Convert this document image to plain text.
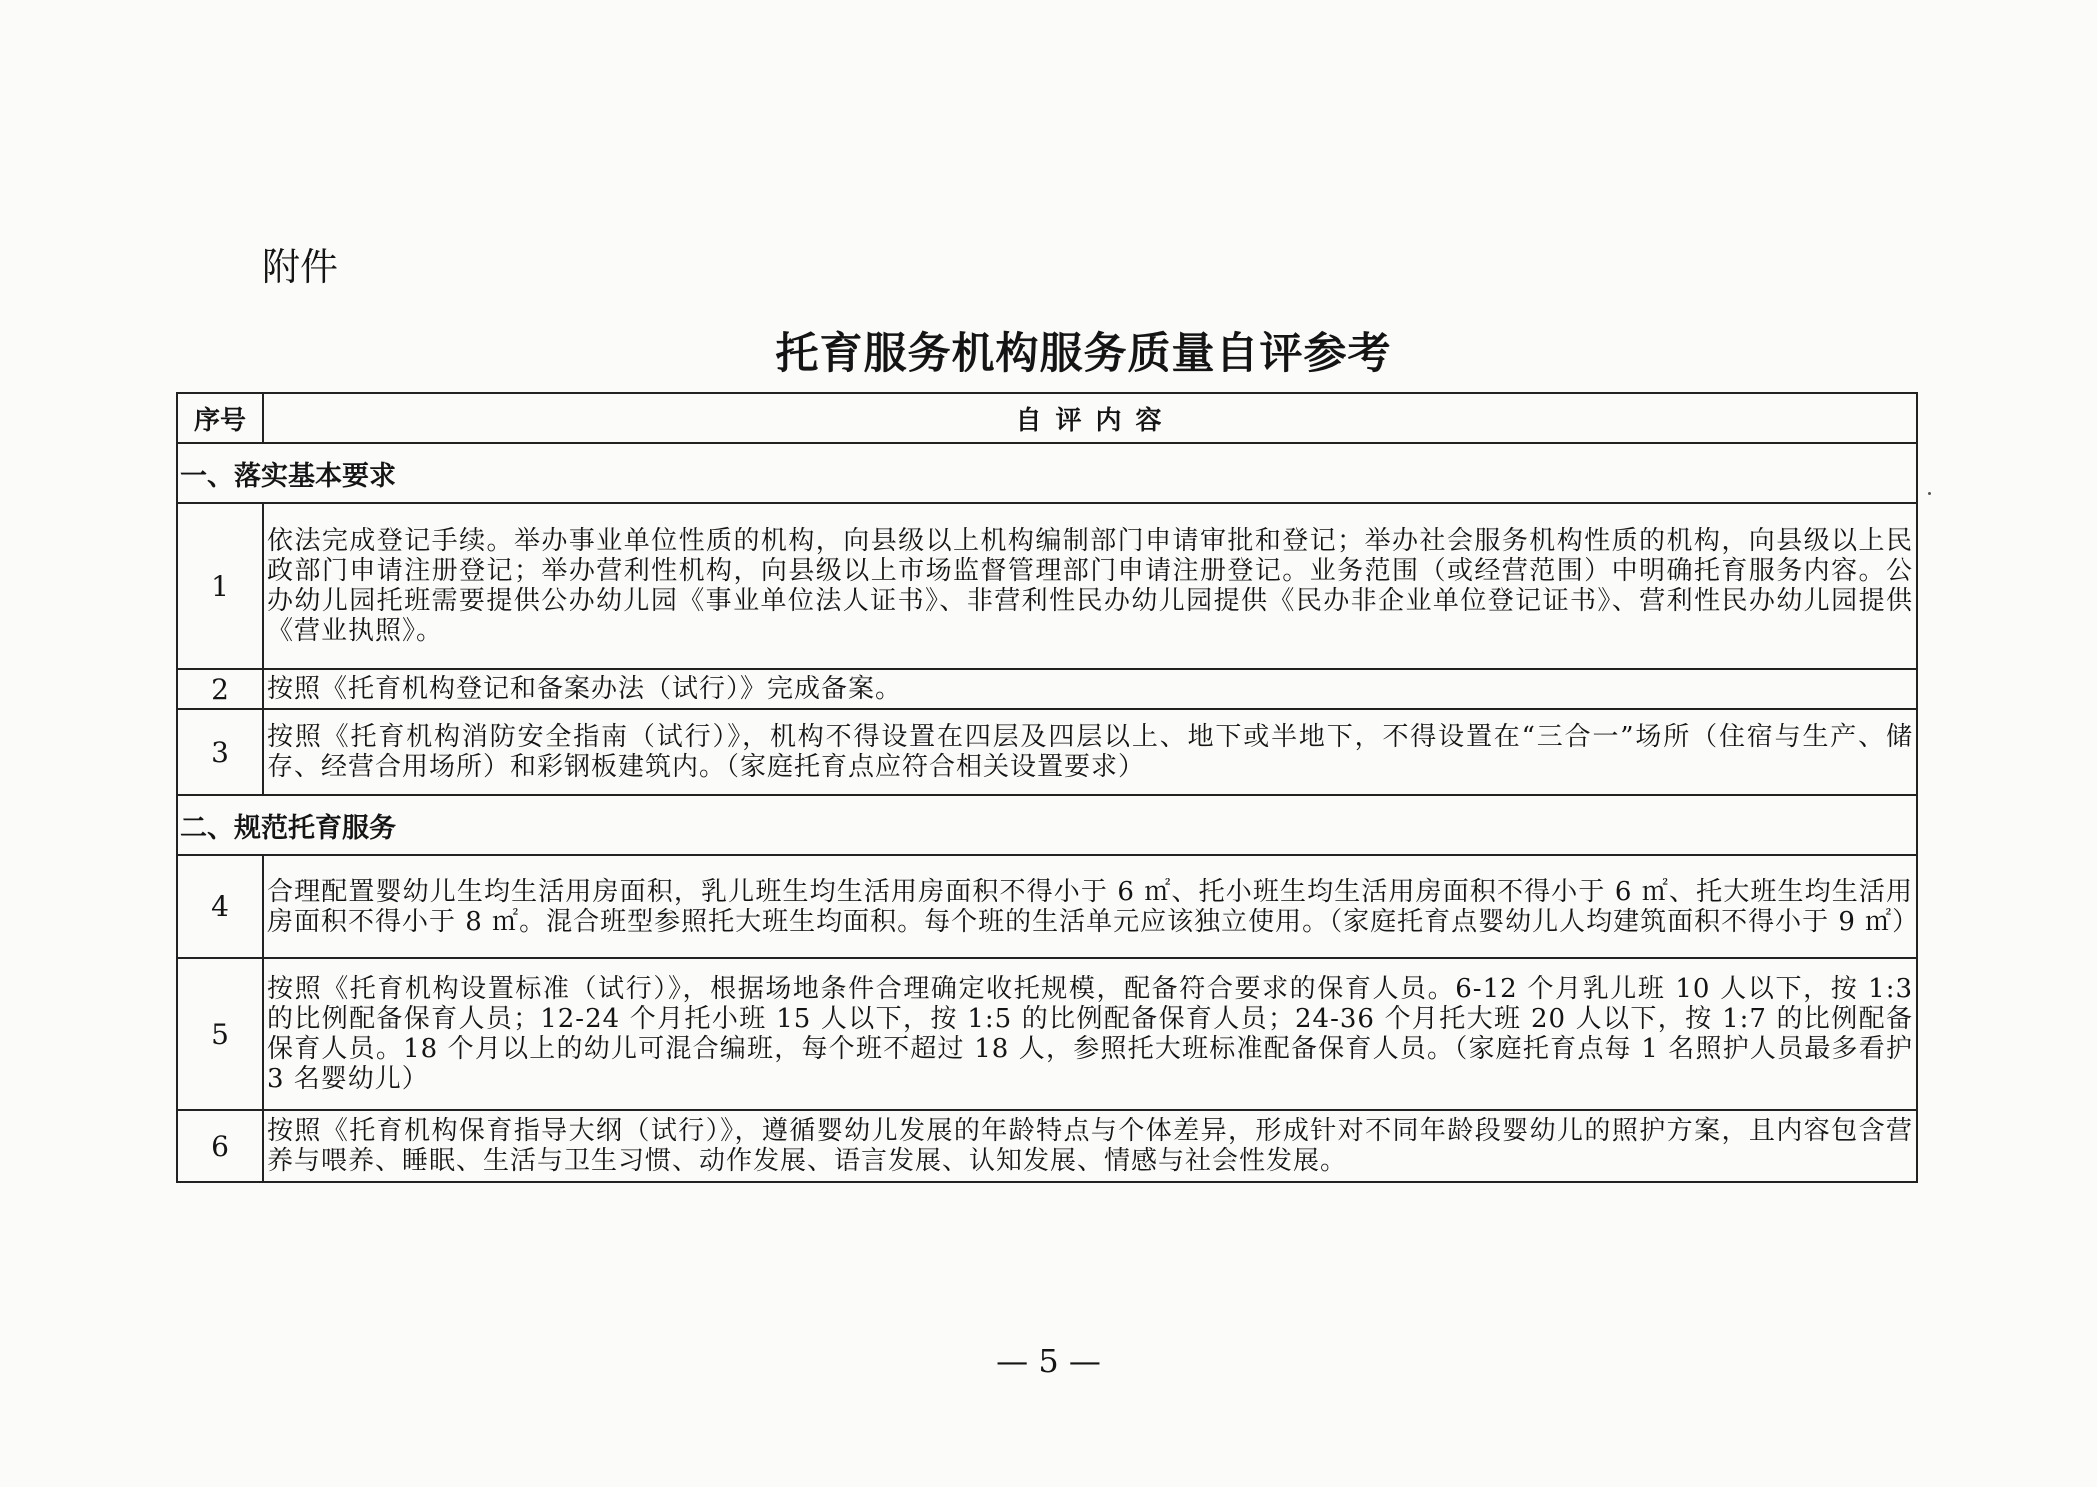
附件
托育服务机构服务质量自评参考
序号	自评内容
一、落实基本要求	
1	依法完成登记手续。举办事业单位性质的机构，向县级以上机构编制部门申请审批和登记；举办社会服务机构性质的机构，向县级以上民政部门申请注册登记；举办营利性机构，向县级以上市场监督管理部门申请注册登记。业务范围（或经营范围）中明确托育服务内容。公办幼儿园托班需要提供公办幼儿园《事业单位法人证书》、非营利性民办幼儿园提供《民办非企业单位登记证书》、营利性民办幼儿园提供《营业执照》。
2	按照《托育机构登记和备案办法（试行）》完成备案。
3	按照《托育机构消防安全指南（试行）》，机构不得设置在四层及四层以上、地下或半地下，不得设置在“三合一”场所（住宿与生产、储存、经营合用场所）和彩钢板建筑内。（家庭托育点应符合相关设置要求）
二、规范托育服务	
4	合理配置婴幼儿生均生活用房面积，乳儿班生均生活用房面积不得小于 6 ㎡、托小班生均生活用房面积不得小于 6 ㎡、托大班生均生活用房面积不得小于 8 ㎡。混合班型参照托大班生均面积。每个班的生活单元应该独立使用。（家庭托育点婴幼儿人均建筑面积不得小于 9 ㎡）
5	按照《托育机构设置标准（试行）》，根据场地条件合理确定收托规模，配备符合要求的保育人员。6-12 个月乳儿班 10 人以下，按 1:3 的比例配备保育人员；12-24 个月托小班 15 人以下，按 1:5 的比例配备保育人员；24-36 个月托大班 20 人以下，按 1:7 的比例配备保育人员。18 个月以上的幼儿可混合编班，每个班不超过 18 人，参照托大班标准配备保育人员。（家庭托育点每 1 名照护人员最多看护 3 名婴幼儿）
6	按照《托育机构保育指导大纲（试行）》，遵循婴幼儿发展的年龄特点与个体差异，形成针对不同年龄段婴幼儿的照护方案，且内容包含营养与喂养、睡眠、生活与卫生习惯、动作发展、语言发展、认知发展、情感与社会性发展。
— 5 —
